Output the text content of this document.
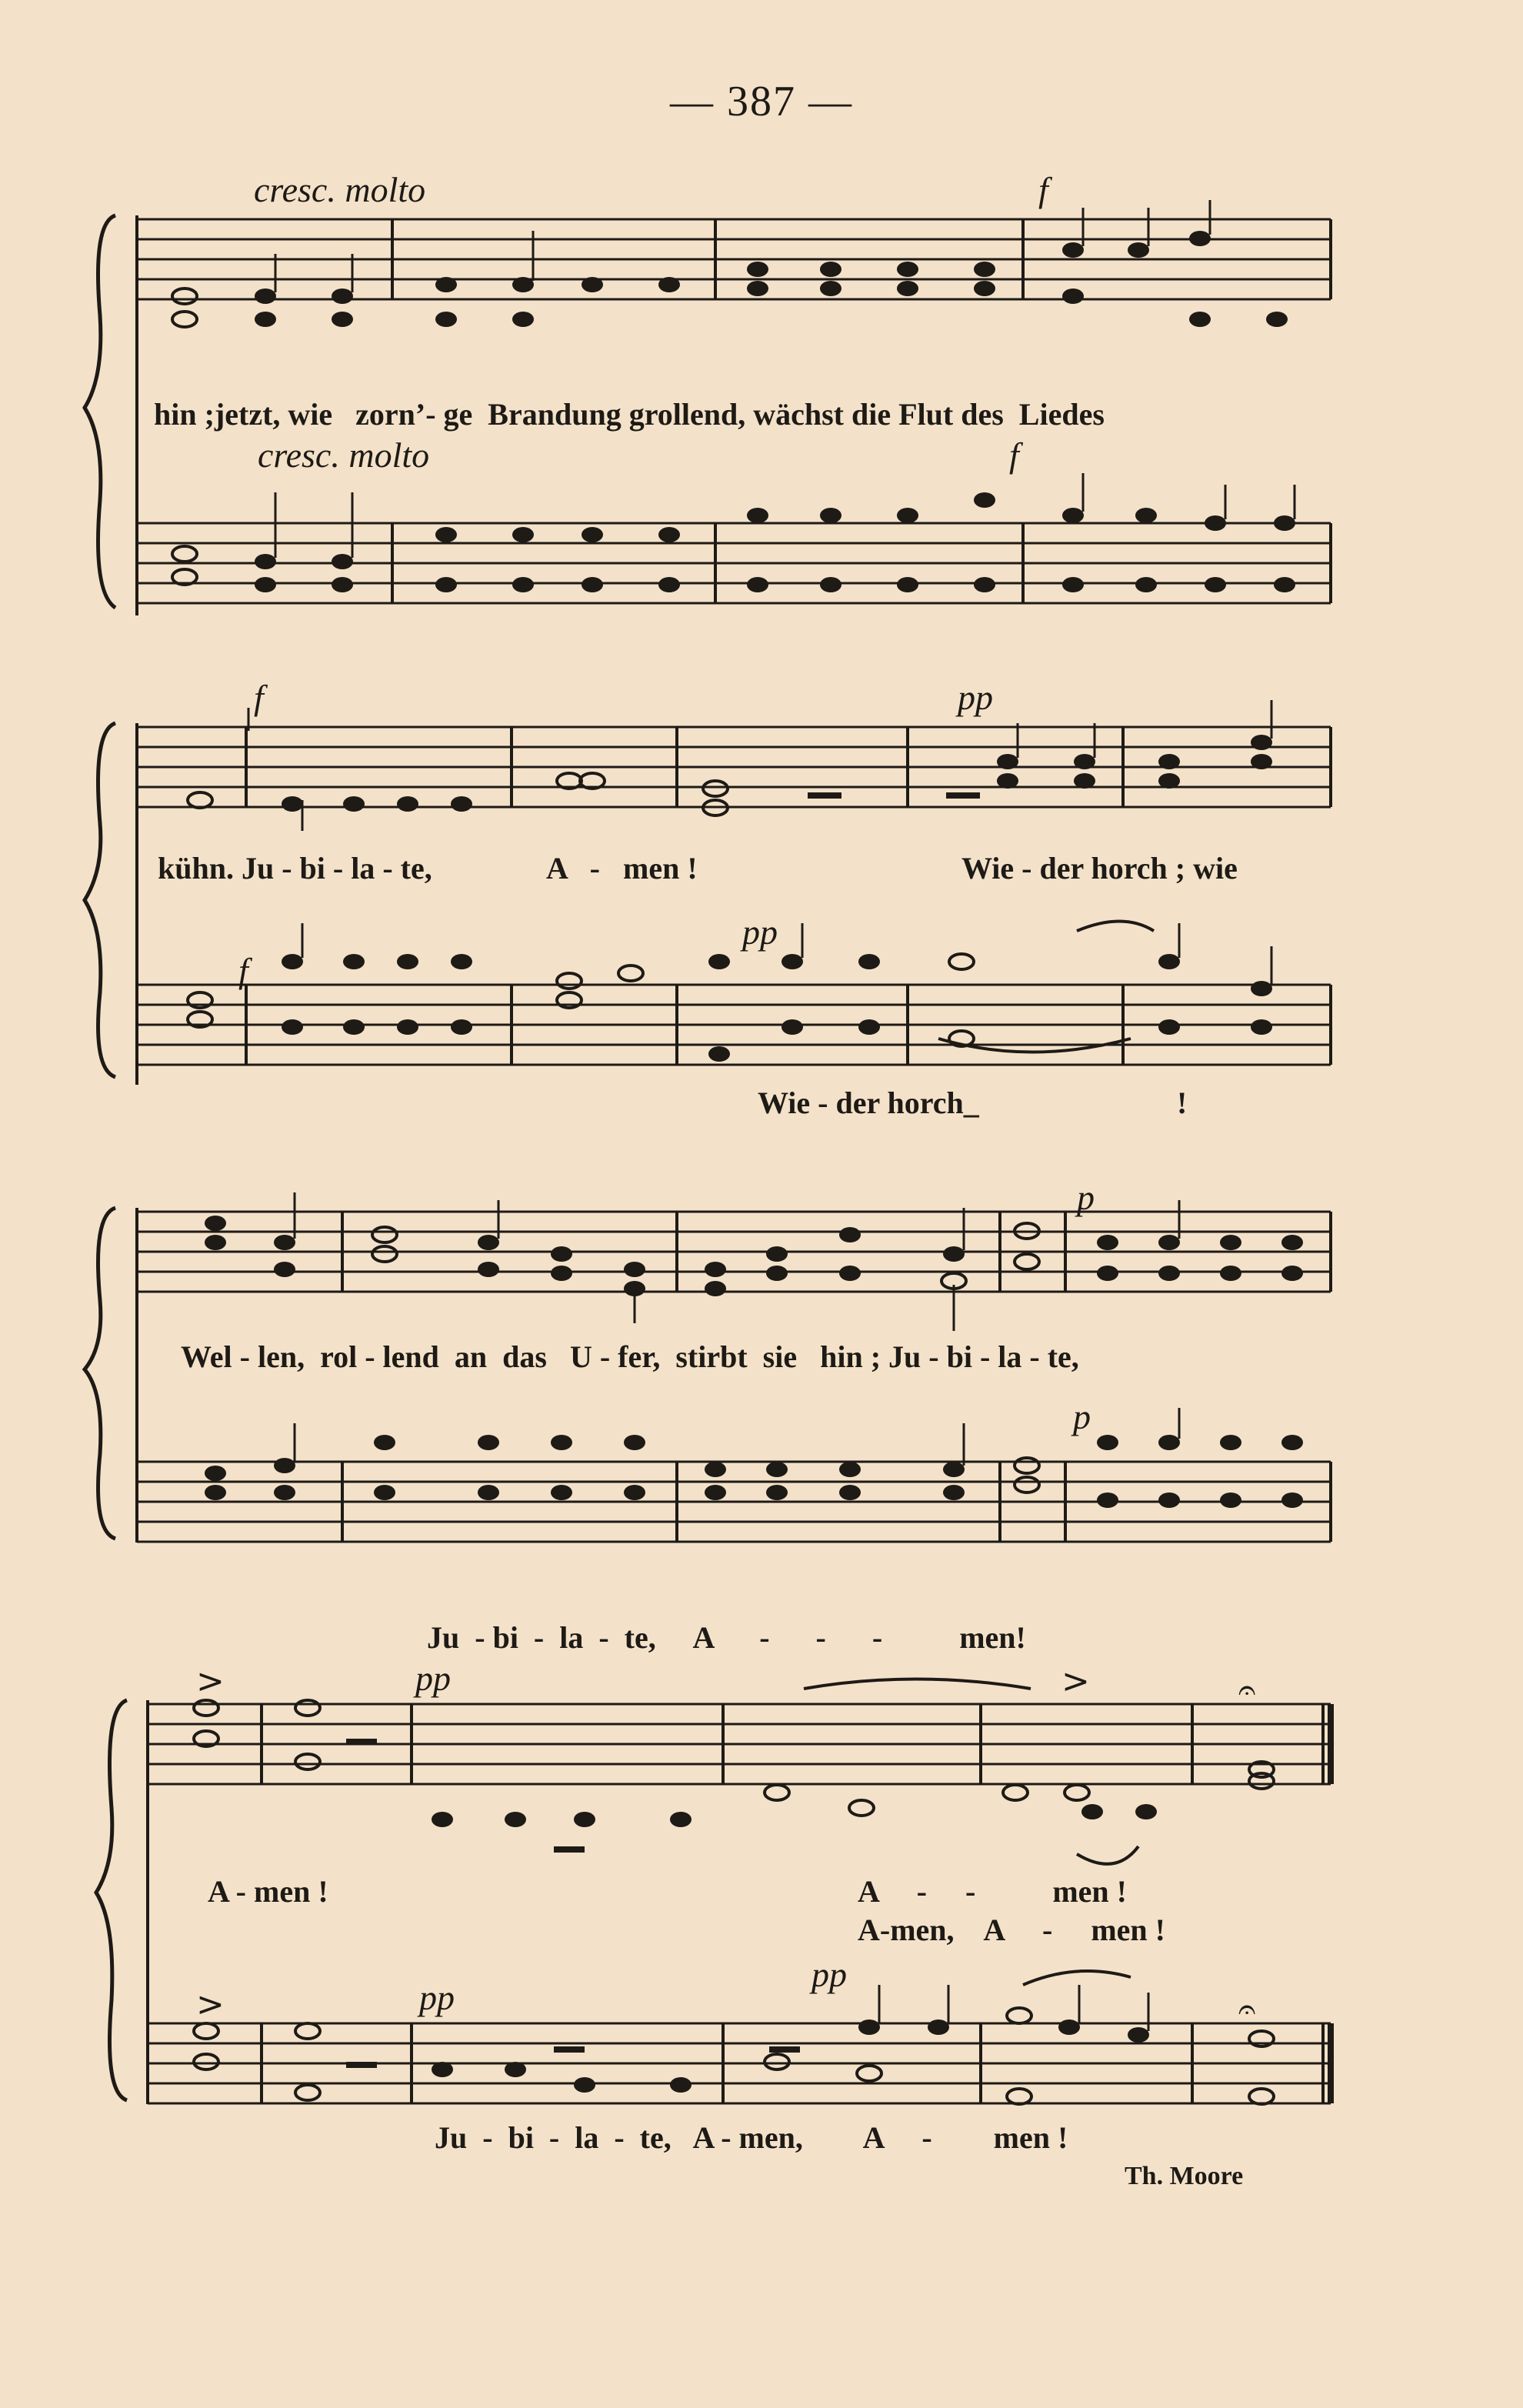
— 387 —
cresc. molto	f
hin ;jetzt, wie   zorn’- ge  Brandung grollend, wächst die Flut des  Liedes
cresc. molto	f
f	pp
kühn. Ju - bi - la - te,	A   -   men !	Wie - der horch ; wie
f
pp
Wie - der horch_	!
p
Wel - len,  rol - lend  an  das   U - fer,  stirbt  sie   hin ; Ju - bi - la - te,
p
Ju  - bi  -  la  -  te,     A      -      -      -          men!
pp
>	>	𝄐
>	𝄐
A - men !	A     -     -          men !
A-men,    A     -     men !
pp
pp
Ju  -  bi  -  la  -  te,   A - men,        A     -        men !
Th. Moore
